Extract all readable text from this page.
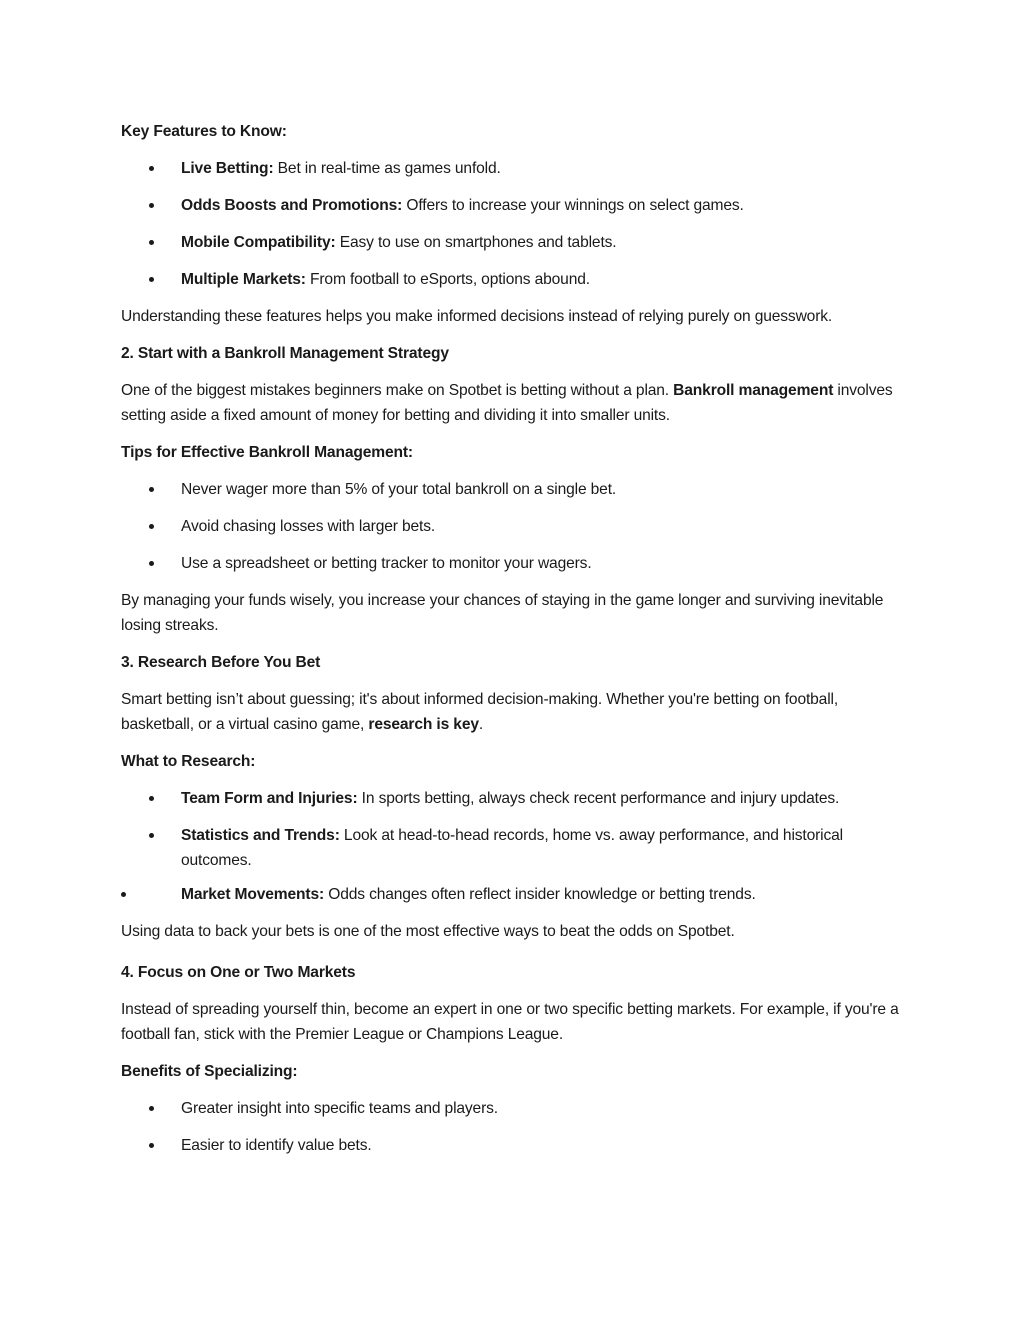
Key Features to Know:

Live Betting: Bet in real-time as games unfold.
Odds Boosts and Promotions: Offers to increase your winnings on select games.
Mobile Compatibility: Easy to use on smartphones and tablets.
Multiple Markets: From football to eSports, options abound.

Understanding these features helps you make informed decisions instead of relying purely on guesswork.

2. Start with a Bankroll Management Strategy

One of the biggest mistakes beginners make on Spotbet is betting without a plan. Bankroll management involves setting aside a fixed amount of money for betting and dividing it into smaller units.

Tips for Effective Bankroll Management:

Never wager more than 5% of your total bankroll on a single bet.
Avoid chasing losses with larger bets.
Use a spreadsheet or betting tracker to monitor your wagers.

By managing your funds wisely, you increase your chances of staying in the game longer and surviving inevitable losing streaks.

3. Research Before You Bet

Smart betting isn’t about guessing; it's about informed decision-making. Whether you're betting on football, basketball, or a virtual casino game, research is key.

What to Research:

Team Form and Injuries: In sports betting, always check recent performance and injury updates.
Statistics and Trends: Look at head-to-head records, home vs. away performance, and historical outcomes.
Market Movements: Odds changes often reflect insider knowledge or betting trends.

Using data to back your bets is one of the most effective ways to beat the odds on Spotbet.

4. Focus on One or Two Markets

Instead of spreading yourself thin, become an expert in one or two specific betting markets. For example, if you're a football fan, stick with the Premier League or Champions League.

Benefits of Specializing:

Greater insight into specific teams and players.
Easier to identify value bets.
